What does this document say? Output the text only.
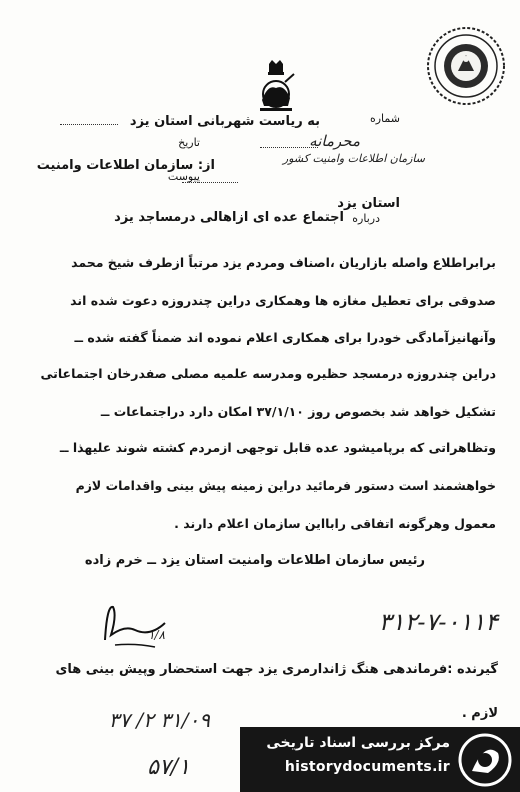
به ریاست شهربانی استان یزد	شماره
محرمانه
تاریخ
از: سازمان اطلاعات وامنیت	سازمان اطلاعات وامنیت کشور
پیوست
استان یزد
درباره
اجتماع عده ای ازاهالی درمساجد یزد
برابراطلاع واصله بازاریان ،اصناف ومردم یزد مرتباً ازطرف شیخ محمد
صدوقی برای تعطیل مغازه ها وهمکاری دراین چندروزه دعوت شده اند
وآنهانیزآمادگی خودرا برای همکاری اعلام نموده اند ضمناً گفته شده ــ
دراین چندروزه درمسجد حظیره ومدرسه علمیه مصلی صفدرخان اجتماعاتی
تشکیل خواهد شد بخصوص روز ۳۷/۱/۱۰ امکان دارد دراجتماعات ــ
وتظاهراتی که برپامیشود عده قابل توجهی ازمردم کشته شوند علیهذا ــ
خواهشمند است دستور فرمائید دراین زمینه پیش بینی واقدامات لازم
معمول وهرگونه اتفاقی رابااین سازمان اعلام دارند .
رئیس سازمان اطلاعات وامنیت استان یزد ــ خرم زاده
۱/۸	۳۱۲-۷-۰۱۱۴
گیرنده :فرماندهی هنگ ژاندارمری یزد جهت استحضار وپیش بینی های
لازم .
۳۱/۰۹ ۲/ ۳۷
۵۷/۱
مرکز بررسی اسناد تاریخی
historydocuments.ir
